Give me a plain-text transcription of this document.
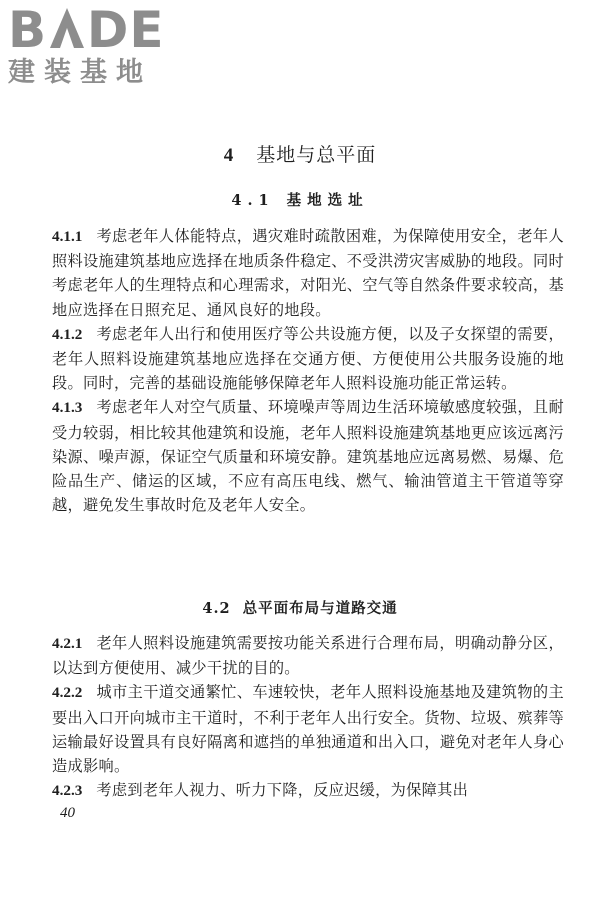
B DE
建装基地
4 基地与总平面
4.1 基地选址

4.1.1 考虑老年人体能特点，遇灾难时疏散困难，为保障使用安全，老年人照料设施建筑基地应选择在地质条件稳定、不受洪涝灾害威胁的地段。同时考虑老年人的生理特点和心理需求，对阳光、空气等自然条件要求较高，基地应选择在日照充足、通风良好的地段。

4.1.2 考虑老年人出行和使用医疗等公共设施方便，以及子女探望的需要，老年人照料设施建筑基地应选择在交通方便、方便使用公共服务设施的地段。同时，完善的基础设施能够保障老年人照料设施功能正常运转。

4.1.3 考虑老年人对空气质量、环境噪声等周边生活环境敏感度较强，且耐受力较弱，相比较其他建筑和设施，老年人照料设施建筑基地更应该远离污染源、噪声源，保证空气质量和环境安静。建筑基地应远离易燃、易爆、危险品生产、储运的区域，不应有高压电线、燃气、输油管道主干管道等穿越，避免发生事故时危及老年人安全。

4.2 总平面布局与道路交通

4.2.1 老年人照料设施建筑需要按功能关系进行合理布局，明确动静分区，以达到方便使用、减少干扰的目的。

4.2.2 城市主干道交通繁忙、车速较快，老年人照料设施基地及建筑物的主要出入口开向城市主干道时，不利于老年人出行安全。货物、垃圾、殡葬等运输最好设置具有良好隔离和遮挡的单独通道和出入口，避免对老年人身心造成影响。

4.2.3 考虑到老年人视力、听力下降，反应迟缓，为保障其出

40
